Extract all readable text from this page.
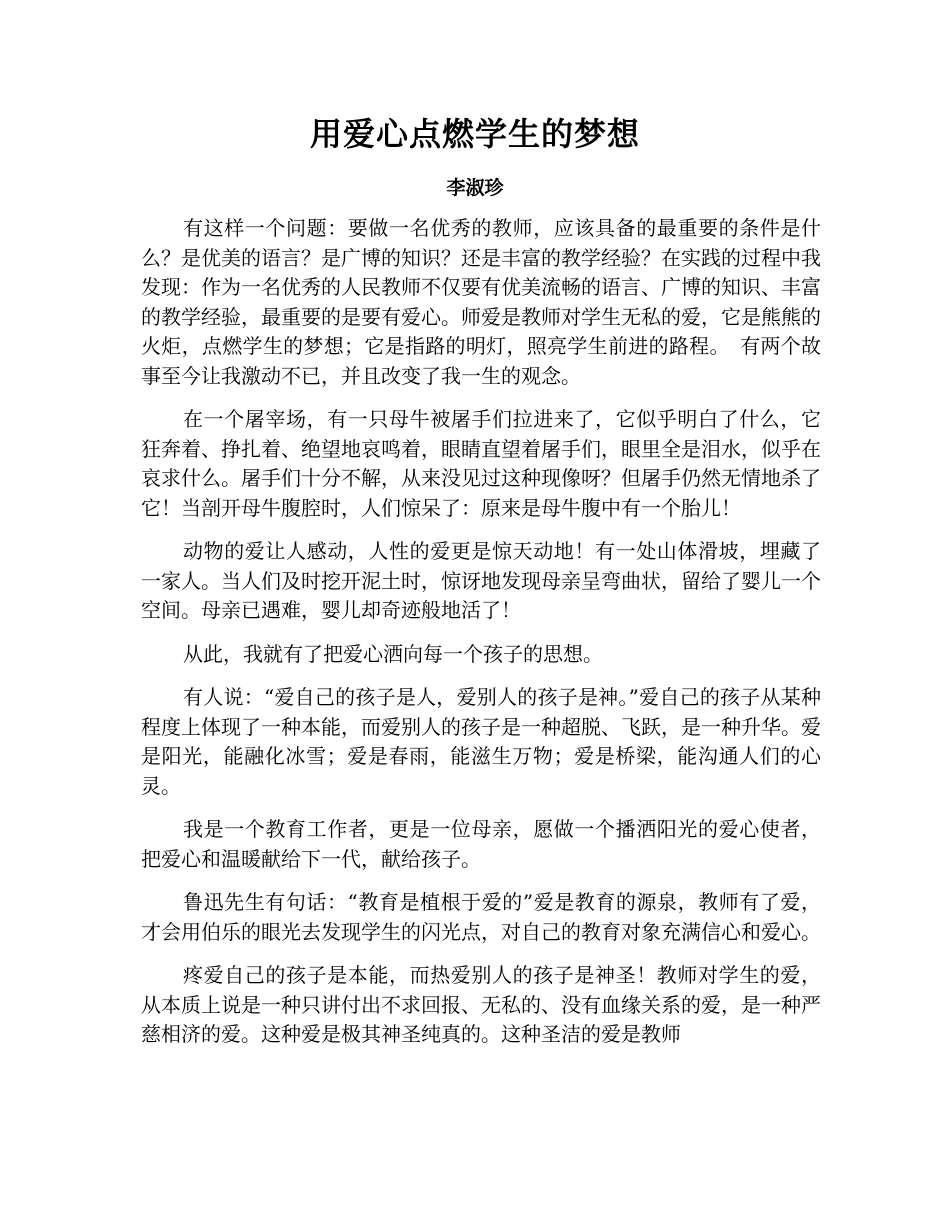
用爱心点燃学生的梦想
李淑珍

有这样一个问题：要做一名优秀的教师，应该具备的最重要的条件是什么？是优美的语言？是广博的知识？还是丰富的教学经验？在实践的过程中我发现：作为一名优秀的人民教师不仅要有优美流畅的语言、广博的知识、丰富的教学经验，最重要的是要有爱心。师爱是教师对学生无私的爱，它是熊熊的火炬，点燃学生的梦想；它是指路的明灯，照亮学生前进的路程。　有两个故事至今让我激动不已，并且改变了我一生的观念。

在一个屠宰场，有一只母牛被屠手们拉进来了，它似乎明白了什么，它狂奔着、挣扎着、绝望地哀鸣着，眼睛直望着屠手们，眼里全是泪水，似乎在哀求什么。屠手们十分不解，从来没见过这种现像呀？但屠手仍然无情地杀了它！当剖开母牛腹腔时，人们惊呆了：原来是母牛腹中有一个胎儿！

动物的爱让人感动，人性的爱更是惊天动地！有一处山体滑坡，埋藏了一家人。当人们及时挖开泥土时，惊讶地发现母亲呈弯曲状，留给了婴儿一个空间。母亲已遇难，婴儿却奇迹般地活了！

从此，我就有了把爱心洒向每一个孩子的思想。

有人说：“爱自己的孩子是人，爱别人的孩子是神。”爱自己的孩子从某种程度上体现了一种本能，而爱别人的孩子是一种超脱、飞跃，是一种升华。爱是阳光，能融化冰雪；爱是春雨，能滋生万物；爱是桥梁，能沟通人们的心灵。

我是一个教育工作者，更是一位母亲，愿做一个播洒阳光的爱心使者，把爱心和温暖献给下一代，献给孩子。

鲁迅先生有句话：“教育是植根于爱的”爱是教育的源泉，教师有了爱，才会用伯乐的眼光去发现学生的闪光点，对自己的教育对象充满信心和爱心。

疼爱自己的孩子是本能，而热爱别人的孩子是神圣！教师对学生的爱，从本质上说是一种只讲付出不求回报、无私的、没有血缘关系的爱，是一种严慈相济的爱。这种爱是极其神圣纯真的。这种圣洁的爱是教师
